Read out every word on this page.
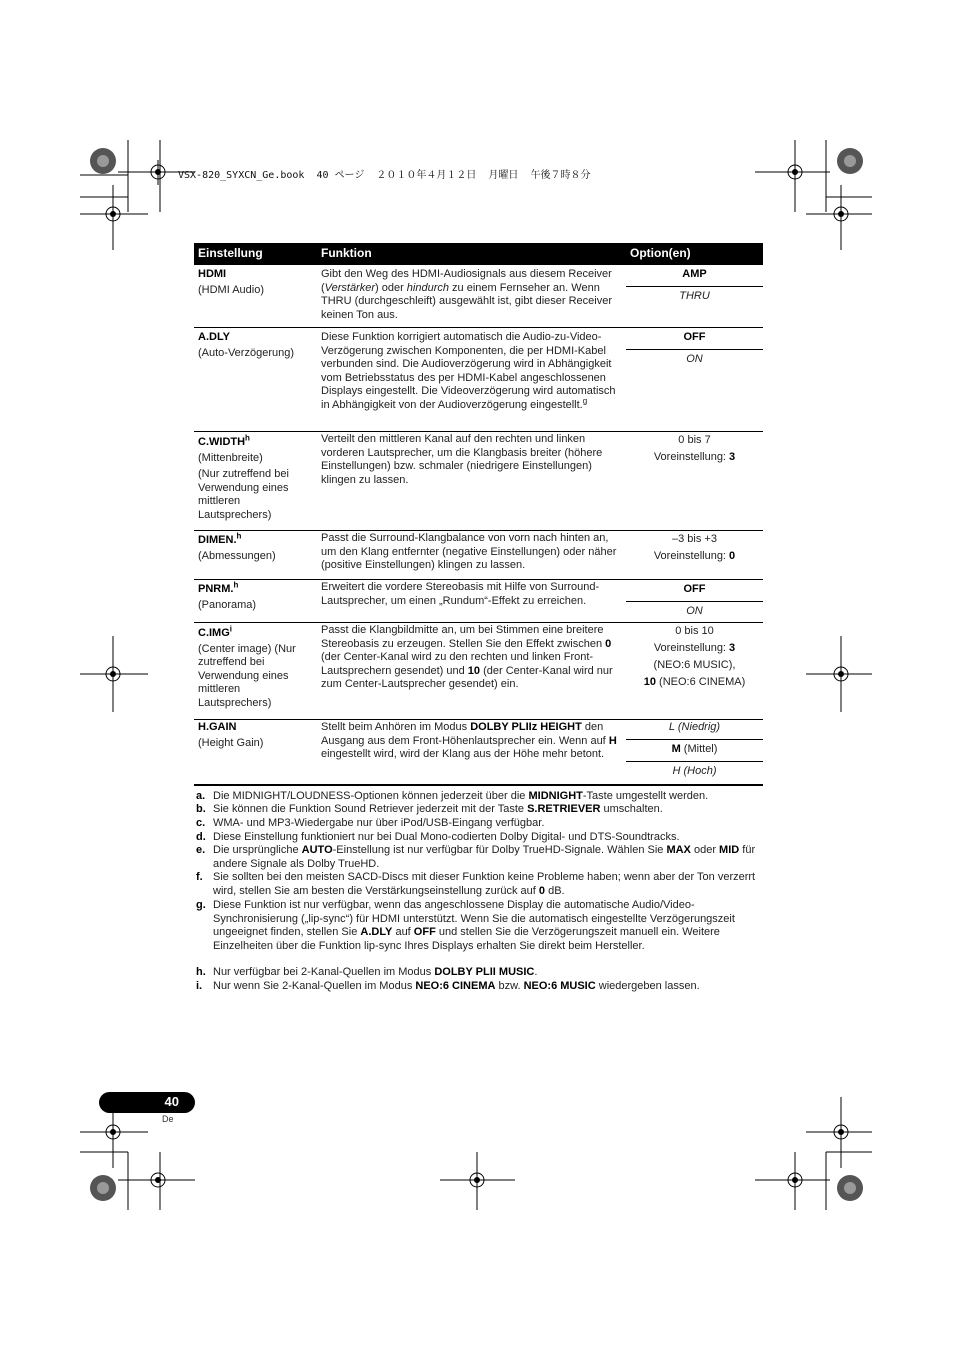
VSX-820_SYXCN_Ge.book  40 ページ  ２０１０年４月１２日  月曜日  午後７時８分
Einstellung	Funktion	Option(en)
HDMI
(HDMI Audio)
Gibt den Weg des HDMI-Audiosignals aus diesem Receiver (Verstärker) oder hindurch zu einem Fernseher an. Wenn THRU (durchgeschleift) ausgewählt ist, gibt dieser Receiver keinen Ton aus.
AMP
THRU
A.DLY
(Auto-Verzögerung)
Diese Funktion korrigiert automatisch die Audio-zu-Video-Verzögerung zwischen Komponenten, die per HDMI-Kabel verbunden sind. Die Audioverzögerung wird in Abhängigkeit vom Betriebsstatus des per HDMI-Kabel angeschlossenen Displays eingestellt. Die Videoverzögerung wird automatisch in Abhängigkeit von der Audioverzögerung eingestellt.$^g$
OFF
ON
C.WIDTH$^h$
(Mittenbreite)
(Nur zutreffend bei Verwendung eines mittleren Lautsprechers)
Verteilt den mittleren Kanal auf den rechten und linken vorderen Lautsprecher, um die Klangbasis breiter (höhere Einstellungen) bzw. schmaler (niedrigere Einstellungen) klingen zu lassen.
0 bis 7
Voreinstellung: 3
DIMEN.$^h$
(Abmessungen)
Passt die Surround-Klangbalance von vorn nach hinten an, um den Klang entfernter (negative Einstellungen) oder näher (positive Einstellungen) klingen zu lassen.
–3 bis +3
Voreinstellung: 0
PNRM.$^h$
(Panorama)
Erweitert die vordere Stereobasis mit Hilfe von Surround-Lautsprecher, um einen „Rundum“-Effekt zu erreichen.
OFF
ON
C.IMG$^i$
(Center image) (Nur zutreffend bei Verwendung eines mittleren Lautsprechers)
Passt die Klangbildmitte an, um bei Stimmen eine breitere Stereobasis zu erzeugen. Stellen Sie den Effekt zwischen 0 (der Center-Kanal wird zu den rechten und linken Front-Lautsprechern gesendet) und 10 (der Center-Kanal wird nur zum Center-Lautsprecher gesendet) ein.
0 bis 10
Voreinstellung: 3
(NEO:6 MUSIC),
10 (NEO:6 CINEMA)
H.GAIN
(Height Gain)
Stellt beim Anhören im Modus DOLBY PLIIz HEIGHT den Ausgang aus dem Front-Höhenlautsprecher ein. Wenn auf H eingestellt wird, wird der Klang aus der Höhe mehr betont.
L (Niedrig)
M (Mittel)
H (Hoch)
a. Die MIDNIGHT/LOUDNESS-Optionen können jederzeit über die MIDNIGHT-Taste umgestellt werden.
b. Sie können die Funktion Sound Retriever jederzeit mit der Taste S.RETRIEVER umschalten.
c. WMA- und MP3-Wiedergabe nur über iPod/USB-Eingang verfügbar.
d. Diese Einstellung funktioniert nur bei Dual Mono-codierten Dolby Digital- und DTS-Soundtracks.
e. Die ursprüngliche AUTO-Einstellung ist nur verfügbar für Dolby TrueHD-Signale. Wählen Sie MAX oder MID für andere Signale als Dolby TrueHD.
f. Sie sollten bei den meisten SACD-Discs mit dieser Funktion keine Probleme haben; wenn aber der Ton verzerrt wird, stellen Sie am besten die Verstärkungseinstellung zurück auf 0 dB.
g. Diese Funktion ist nur verfügbar, wenn das angeschlossene Display die automatische Audio/Video-Synchronisierung („lip-sync“) für HDMI unterstützt. Wenn Sie die automatisch eingestellte Verzögerungszeit ungeeignet finden, stellen Sie A.DLY auf OFF und stellen Sie die Verzögerungszeit manuell ein. Weitere Einzelheiten über die Funktion lip-sync Ihres Displays erhalten Sie direkt beim Hersteller.
h. Nur verfügbar bei 2-Kanal-Quellen im Modus DOLBY PLII MUSIC.
i. Nur wenn Sie 2-Kanal-Quellen im Modus NEO:6 CINEMA bzw. NEO:6 MUSIC wiedergeben lassen.
40
De
